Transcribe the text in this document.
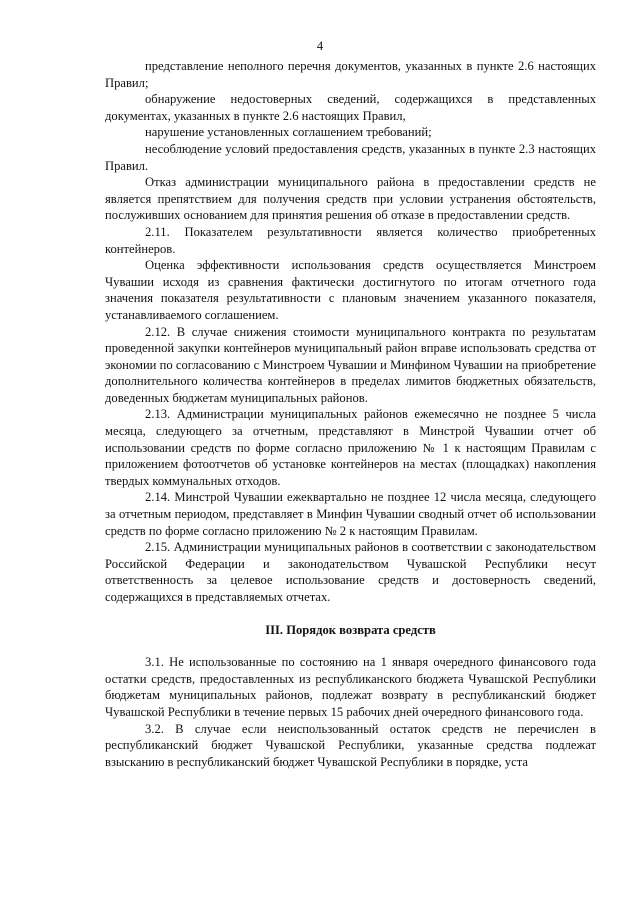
4

представление неполного перечня документов, указанных в пункте 2.6 настоящих Правил;

обнаружение недостоверных сведений, содержащихся в представленных документах, указанных в пункте 2.6 настоящих Правил,

нарушение установленных соглашением требований;

несоблюдение условий предоставления средств, указанных в пункте 2.3 настоящих Правил.

Отказ администрации муниципального района в предоставлении средств не является препятствием для получения средств при условии устранения обстоятельств, послуживших основанием для принятия решения об отказе в предоставлении средств.

2.11. Показателем результативности является количество приобретенных контейнеров.

Оценка эффективности использования средств осуществляется Минстроем Чувашии исходя из сравнения фактически достигнутого по итогам отчетного года значения показателя результативности с плановым значением указанного показателя, устанавливаемого соглашением.

2.12. В случае снижения стоимости муниципального контракта по результатам проведенной закупки контейнеров муниципальный район вправе использовать средства от экономии по согласованию с Минстроем Чувашии и Минфином Чувашии на приобретение дополнительного количества контейнеров в пределах лимитов бюджетных обязательств, доведенных бюджетам муниципальных районов.

2.13. Администрации муниципальных районов ежемесячно не позднее 5 числа месяца, следующего за отчетным, представляют в Минстрой Чувашии отчет об использовании средств по форме согласно приложению № 1 к настоящим Правилам с приложением фотоотчетов об установке контейнеров на местах (площадках) накопления твердых коммунальных отходов.

2.14. Минстрой Чувашии ежеквартально не позднее 12 числа месяца, следующего за отчетным периодом, представляет в Минфин Чувашии сводный отчет об использовании средств по форме согласно приложению № 2 к настоящим Правилам.

2.15. Администрации муниципальных районов в соответствии с законодательством Российской Федерации и законодательством Чувашской Республики несут ответственность за целевое использование средств и достоверность сведений, содержащихся в представляемых отчетах.

III. Порядок возврата средств

3.1. Не использованные по состоянию на 1 января очередного финансового года остатки средств, предоставленных из республиканского бюджета Чувашской Республики бюджетам муниципальных районов, подлежат возврату в республиканский бюджет Чувашской Республики в течение первых 15 рабочих дней очередного финансового года.

3.2. В случае если неиспользованный остаток средств не перечислен в республиканский бюджет Чувашской Республики, указанные средства подлежат взысканию в республиканский бюджет Чувашской Республики в порядке, уста
